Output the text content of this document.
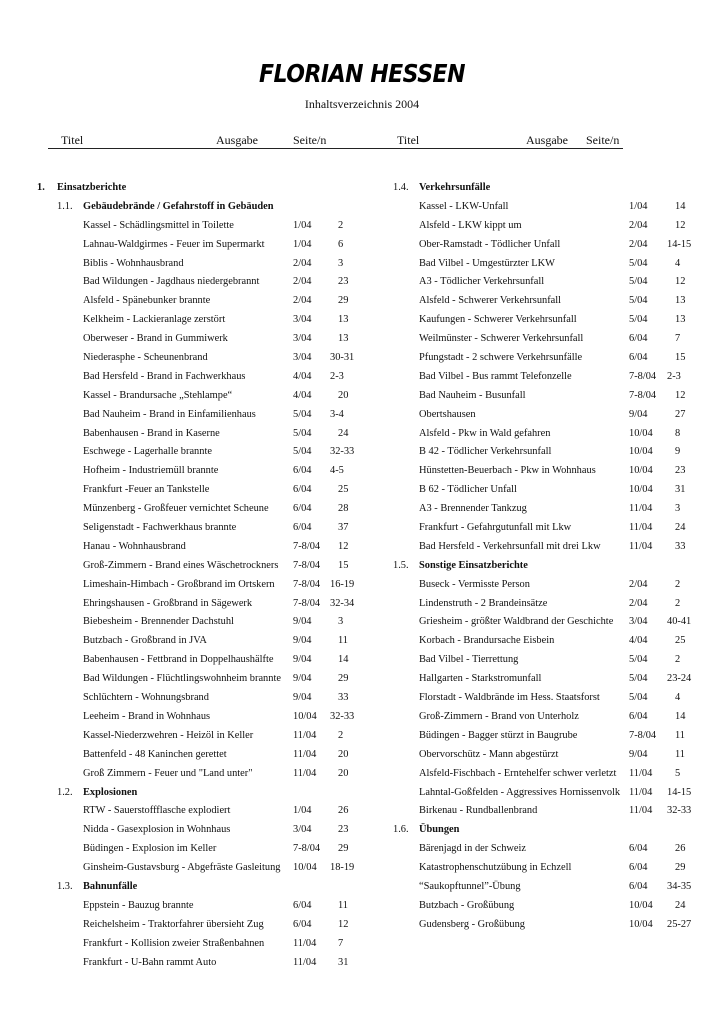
FLORIAN HESSEN
Inhaltsverzeichnis 2004
Titel	Ausgabe	Seite/n	Titel	Ausgabe Seite/n
1. Einsatzberichte
1.1. Gebäudebrände / Gefahrstoff in Gebäuden
Kassel - Schädlingsmittel in Toilette	1/04	2
Lahnau-Waldgirmes - Feuer im Supermarkt	1/04	6
Biblis - Wohnhausbrand	2/04	3
Bad Wildungen - Jagdhaus niedergebrannt	2/04	23
Alsfeld - Spänebunker brannte	2/04	29
Kelkheim - Lackieranlage zerstört	3/04	13
Oberweser - Brand in Gummiwerk	3/04	13
Niederasphe - Scheunenbrand	3/04 30-31
Bad Hersfeld - Brand in Fachwerkhaus	4/04 2-3
Kassel - Brandursache „Stehlampe“	4/04	20
Bad Nauheim - Brand in Einfamilienhaus	5/04 3-4
Babenhausen - Brand in Kaserne	5/04	24
Eschwege - Lagerhalle brannte	5/04 32-33
Hofheim - Industriemüll brannte	6/04 4-5
Frankfurt -Feuer an Tankstelle	6/04	25
Münzenberg - Großfeuer vernichtet Scheune 6/04	28
Seligenstadt - Fachwerkhaus brannte	6/04	37
Hanau - Wohnhausbrand	7-8/04 12
Groß-Zimmern - Brand eines Wäschetrockners 7-8/04 15
Limeshain-Himbach - Großbrand im Ortskern 7-8/04 16-19
Ehringshausen - Großbrand in Sägewerk	7-8/04 32-34
Biebesheim - Brennender Dachstuhl	9/04	3
Butzbach - Großbrand in JVA	9/04	11
Babenhausen - Fettbrand in Doppelhaushälfte 9/04	14
Bad Wildungen - Flüchtlingswohnheim brannte 9/04	29
Schlüchtern - Wohnungsbrand	9/04	33
Leeheim - Brand in Wohnhaus	10/04 32-33
Kassel-Niederzwehren - Heizöl in Keller	11/04 2
Battenfeld - 48 Kaninchen gerettet	11/04 20
Groß Zimmern - Feuer und "Land unter"	11/04 20
1.2. Explosionen
RTW - Sauerstoffflasche explodiert	1/04	26
Nidda - Gasexplosion in Wohnhaus	3/04	23
Büdingen - Explosion im Keller	7-8/04 29
Ginsheim-Gustavsburg - Abgefräste Gasleitung 10/04 18-19
1.3. Bahnunfälle
Eppstein - Bauzug brannte	6/04	11
Reichelsheim - Traktorfahrer übersieht Zug	6/04	12
Frankfurt - Kollision zweier Straßenbahnen	11/04 7
Frankfurt - U-Bahn rammt Auto	11/04 31
1.4. Verkehrsunfälle
Kassel - LKW-Unfall	1/04	14
Alsfeld - LKW kippt um	2/04	12
Ober-Ramstadt - Tödlicher Unfall	2/04 14-15
Bad Vilbel - Umgestürzter LKW	5/04	4
A3 - Tödlicher Verkehrsunfall	5/04	12
Alsfeld - Schwerer Verkehrsunfall	5/04	13
Kaufungen - Schwerer Verkehrsunfall	5/04	13
Weilmünster - Schwerer Verkehrsunfall	6/04	7
Pfungstadt - 2 schwere Verkehrsunfälle	6/04	15
Bad Vilbel - Bus rammt Telefonzelle	7-8/04 2-3
Bad Nauheim - Busunfall	7-8/04 12
Obertshausen	9/04	27
Alsfeld - Pkw in Wald gefahren	10/04 8
B 42 - Tödlicher Verkehrsunfall	10/04 9
Hünstetten-Beuerbach - Pkw in Wohnhaus	10/04 23
B 62 - Tödlicher Unfall	10/04 31
A3 - Brennender Tankzug	11/04 3
Frankfurt - Gefahrgutunfall mit Lkw	11/04 24
Bad Hersfeld - Verkehrsunfall mit drei Lkw	11/04 33
1.5. Sonstige Einsatzberichte
Buseck - Vermisste Person	2/04	2
Lindenstruth - 2 Brandeinsätze	2/04	2
Griesheim - größter Waldbrand der Geschichte 3/04 40-41
Korbach - Brandursache Eisbein	4/04	25
Bad Vilbel - Tierrettung	5/04	2
Hallgarten - Starkstromunfall	5/04 23-24
Florstadt - Waldbrände im Hess. Staatsforst	5/04	4
Groß-Zimmern - Brand von Unterholz	6/04	14
Büdingen - Bagger stürzt in Baugrube	7-8/04 11
Obervorschütz - Mann abgestürzt	9/04	11
Alsfeld-Fischbach - Erntehelfer schwer verletzt 11/04 5
Lahntal-Goßfelden - Aggressives Hornissenvolk 11/04 14-15
Birkenau - Rundballenbrand	11/04 32-33
1.6. Übungen
Bärenjagd in der Schweiz	6/04	26
Katastrophenschutzübung in Echzell	6/04	29
“Saukopftunnel”-Übung	6/04 34-35
Butzbach - Großübung	10/04 24
Gudensberg - Großübung	10/04 25-27
